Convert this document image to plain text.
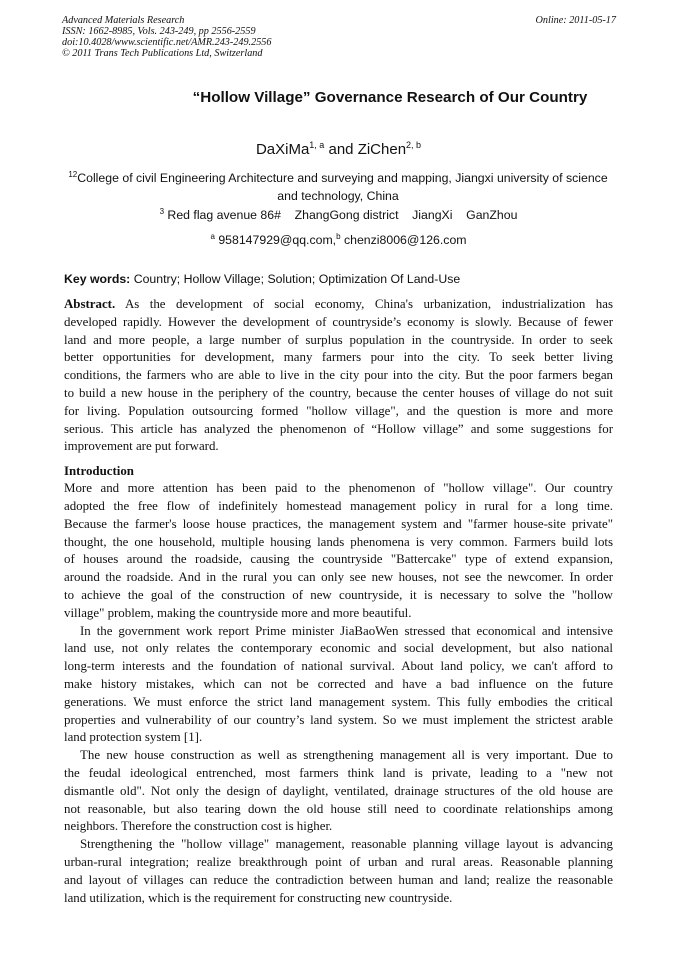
Advanced Materials Research
ISSN: 1662-8985, Vols. 243-249, pp 2556-2559
doi:10.4028/www.scientific.net/AMR.243-249.2556
© 2011 Trans Tech Publications Ltd, Switzerland
Online: 2011-05-17
“Hollow Village” Governance Research of Our Country
DaXiMa$^{1, a}$ and ZiChen$^{2, b}$
$^{12}$College of civil Engineering Architecture and surveying and mapping, Jiangxi university of science
and technology, China
$^3$ Red flag avenue 86#    ZhangGong district    JiangXi    GanZhou
$^a$ 958147929@qq.com,$^b$ chenzi8006@126.com
Key words: Country; Hollow Village; Solution; Optimization Of Land-Use
Abstract. As the development of social economy, China's urbanization, industrialization has
developed rapidly. However the development of countryside’s economy is slowly. Because of fewer
land and more people, a large number of surplus population in the countryside. In order to seek
better opportunities for development, many farmers pour into the city. To seek better living
conditions, the farmers who are able to live in the city pour into the city. But the poor farmers began
to build a new house in the periphery of the country, because the center houses of village do not suit
for living. Population outsourcing formed "hollow village", and the question is more and more
serious. This article has analyzed the phenomenon of “Hollow village” and some suggestions for
improvement are put forward.
Introduction
More and more attention has been paid to the phenomenon of "hollow village". Our country
adopted the free flow of indefinitely homestead management policy in rural for a long time.
Because the farmer's loose house practices, the management system and "farmer house-site private"
thought, the one household, multiple housing lands phenomena is very common. Farmers build lots
of houses around the roadside, causing the countryside "Battercake" type of extend expansion,
around the roadside. And in the rural you can only see new houses, not see the newcomer. In order
to achieve the goal of the construction of new countryside, it is necessary to solve the "hollow
village" problem, making the countryside more and more beautiful.
In the government work report Prime minister JiaBaoWen stressed that economical and intensive
land use, not only relates the contemporary economic and social development, but also national
long-term interests and the foundation of national survival. About land policy, we can't afford to
make history mistakes, which can not be corrected and have a bad influence on the future
generations. We must enforce the strict land management system. This fully embodies the critical
properties and vulnerability of our country’s land system. So we must implement the strictest arable
land protection system [1].
The new house construction as well as strengthening management all is very important. Due to
the feudal ideological entrenched, most farmers think land is private, leading to a "new not
dismantle old". Not only the design of daylight, ventilated, drainage structures of the old house are
not reasonable, but also tearing down the old house still need to coordinate relationships among
neighbors. Therefore the construction cost is higher.
Strengthening the "hollow village" management, reasonable planning village layout is advancing
urban-rural integration; realize breakthrough point of urban and rural areas. Reasonable planning
and layout of villages can reduce the contradiction between human and land; realize the reasonable
land utilization, which is the requirement for constructing new countryside.
